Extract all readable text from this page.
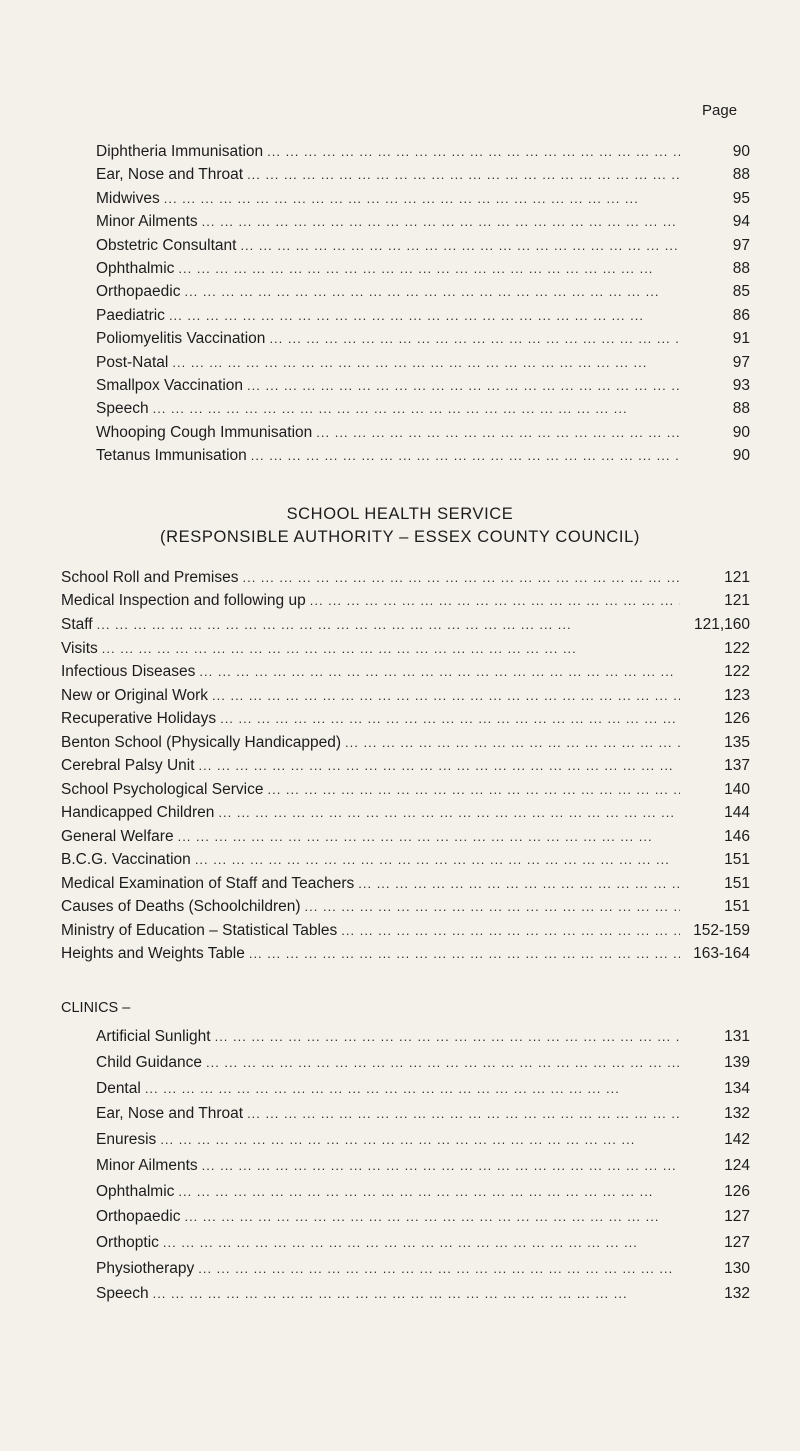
Page
Diphtheria Immunisation ... .	90
Ear, Nose and Throat ... .	88
Midwives ... .	95
Minor Ailments ... .	94
Obstetric Consultant ... .	97
Ophthalmic ... .	88
Orthopaedic ... .	85
Paediatric ... .	86
Poliomyelitis Vaccination ... .	91
Post-Natal ... .	97
Smallpox Vaccination ... .	93
Speech ... .	88
Whooping Cough Immunisation ... .	90
Tetanus Immunisation ... .	90
SCHOOL HEALTH SERVICE
(RESPONSIBLE AUTHORITY – ESSEX COUNTY COUNCIL)
School Roll and Premises ... .	121
Medical Inspection and following up ... .	121
Staff ... .	121,160
Visits ... .	122
Infectious Diseases ... .	122
New or Original Work ... .	123
Recuperative Holidays ... .	126
Benton School (Physically Handicapped) ... .	135
Cerebral Palsy Unit ... .	137
School Psychological Service ... .	140
Handicapped Children ... .	144
General Welfare ... .	146
B.C.G. Vaccination ... .	151
Medical Examination of Staff and Teachers ... .	151
Causes of Deaths (Schoolchildren) ... .	151
Ministry of Education – Statistical Tables ... .	152-159
Heights and Weights Table ... .	163-164
CLINICS –
Artificial Sunlight ... .	131
Child Guidance ... .	139
Dental ... .	134
Ear, Nose and Throat ... .	132
Enuresis ... .	142
Minor Ailments ... .	124
Ophthalmic ... .	126
Orthopaedic ... .	127
Orthoptic ... .	127
Physiotherapy ... .	130
Speech ... .	132
